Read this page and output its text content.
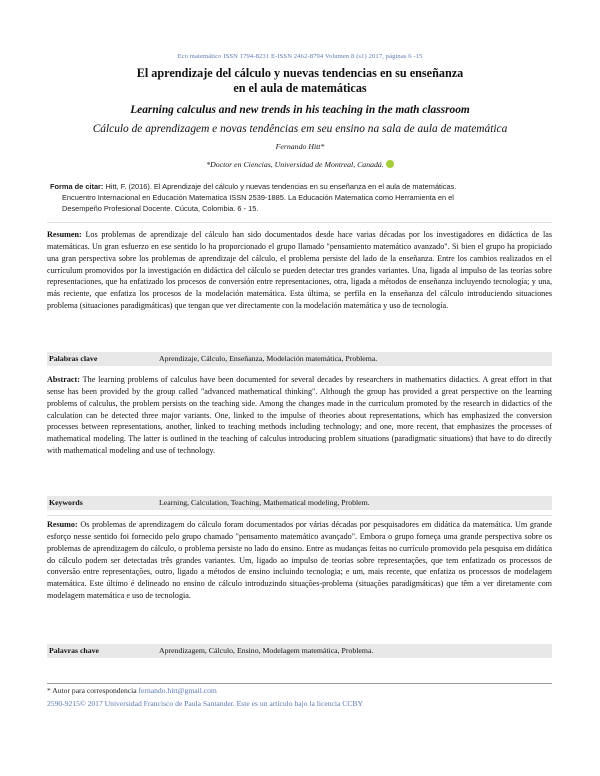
Eco matemático ISSN 1794-8231 E-ISSN 2462-8794 Volumen 8 (s1) 2017, páginas 6 -15
El aprendizaje del cálculo y nuevas tendencias en su enseñanza
en el aula de matemáticas
Learning calculus and new trends in his teaching in the math classroom
Cálculo de aprendizagem e novas tendências em seu ensino na sala de aula de matemática
Fernando Hitt*
*Doctor en Ciencias, Universidad de Montreal, Canadá.
Forma de citar: Hitt, F. (2016). El Aprendizaje del cálculo y nuevas tendencias en su enseñanza en el aula de matemáticas.
Encuentro Internacional en Educación Matematica ISSN 2539-1885. La Educación Matematica como Herramienta en el
Desempeño Profesional Docente. Cúcuta, Colombia. 6 - 15.
Resumen: Los problemas de aprendizaje del cálculo han sido documentados desde hace varias décadas por los investigadores en didáctica de las matemáticas. Un gran esfuerzo en ese sentido lo ha proporcionado el grupo llamado "pensamiento matemático avanzado". Si bien el grupo ha propiciado una gran perspectiva sobre los problemas de aprendizaje del cálculo, el problema persiste del lado de la enseñanza. Entre los cambios realizados en el currículum promovidos por la investigación en didáctica del cálculo se pueden detectar tres grandes variantes. Una, ligada al impulso de las teorías sobre representaciones, que ha enfatizado los procesos de conversión entre representaciones, otra, ligada a métodos de enseñanza incluyendo tecnología; y una, más reciente, que enfatiza los procesos de la modelación matemática. Esta última, se perfila en la enseñanza del cálculo introduciendo situaciones problema (situaciones paradigmáticas) que tengan que ver directamente con la modelación matemática y uso de tecnología.
Palabras clave	Aprendizaje, Cálculo, Enseñanza, Modelación matemática, Problema.
Abstract: The learning problems of calculus have been documented for several decades by researchers in mathematics didactics. A great effort in that sense has been provided by the group called "advanced mathematical thinking". Although the group has provided a great perspective on the learning problems of calculus, the problem persists on the teaching side. Among the changes made in the curriculum promoted by the research in didactics of the calculation can be detected three major variants. One, linked to the impulse of theories about representations, which has emphasized the conversion processes between representations, another, linked to teaching methods including technology; and one, more recent, that emphasizes the processes of mathematical modeling. The latter is outlined in the teaching of calculus introducing problem situations (paradigmatic situations) that have to do directly with mathematical modeling and use of technology.
Keywords	Learning, Calculation, Teaching, Mathematical modeling, Problem.
Resumo: Os problemas de aprendizagem do cálculo foram documentados por várias décadas por pesquisadores em didática da matemática. Um grande esforço nesse sentido foi fornecido pelo grupo chamado "pensamento matemático avançado". Embora o grupo forneça uma grande perspectiva sobre os problemas de aprendizagem do cálculo, o problema persiste no lado do ensino. Entre as mudanças feitas no currículo promovido pela pesquisa em didática do cálculo podem ser detectadas três grandes variantes. Um, ligado ao impulso de teorias sobre representações, que tem enfatizado os processos de conversão entre representações, outro, ligado a métodos de ensino incluindo tecnologia; e um, mais recente, que enfatiza os processos de modelagem matemática. Este último é delineado no ensino de cálculo introduzindo situações-problema (situações paradigmáticas) que têm a ver diretamente com modelagem matemática e uso de tecnologia.
Palavras chave	Aprendizagem, Cálculo, Ensino, Modelagem matemática, Problema.
* Autor para correspondencia fernando.hitt@gmail.com
2590-9215© 2017 Universidad Francisco de Paula Santander. Este es un artículo bajo la licencia CCBY
